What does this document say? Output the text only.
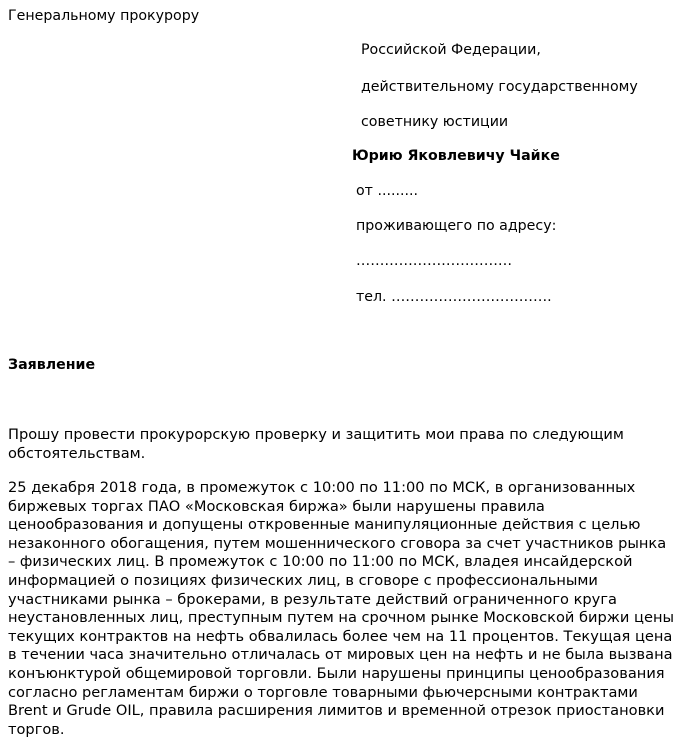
Генеральному прокурору
Российской Федерации,
действительному государственному
советнику юстиции
Юрию Яковлевичу Чайке
от .........
проживающего по адресу:
……………………………
тел. …………………………….
Заявление
Прошу провести прокурорскую проверку и защитить мои права по следующим
обстоятельствам.
25 декабря 2018 года, в промежуток с 10:00 по 11:00 по МСК, в организованных
биржевых торгах ПАО «Московская биржа» были нарушены правила
ценообразования и допущены откровенные манипуляционные действия с целью
незаконного обогащения, путем мошеннического сговора за счет участников рынка
– физических лиц. В промежуток с 10:00 по 11:00 по МСК, владея инсайдерской
информацией о позициях физических лиц, в сговоре с профессиональными
участниками рынка – брокерами, в результате действий ограниченного круга
неустановленных лиц, преступным путем на срочном рынке Московской биржи цены
текущих контрактов на нефть обвалилась более чем на 11 процентов. Текущая цена
в течении часа значительно отличалась от мировых цен на нефть и не была вызвана
конъюнктурой общемировой торговли. Были нарушены принципы ценообразования
согласно регламентам биржи о торговле товарными фьючерсными контрактами
Brent и Grude OIL, правила расширения лимитов и временной отрезок приостановки
торгов.
